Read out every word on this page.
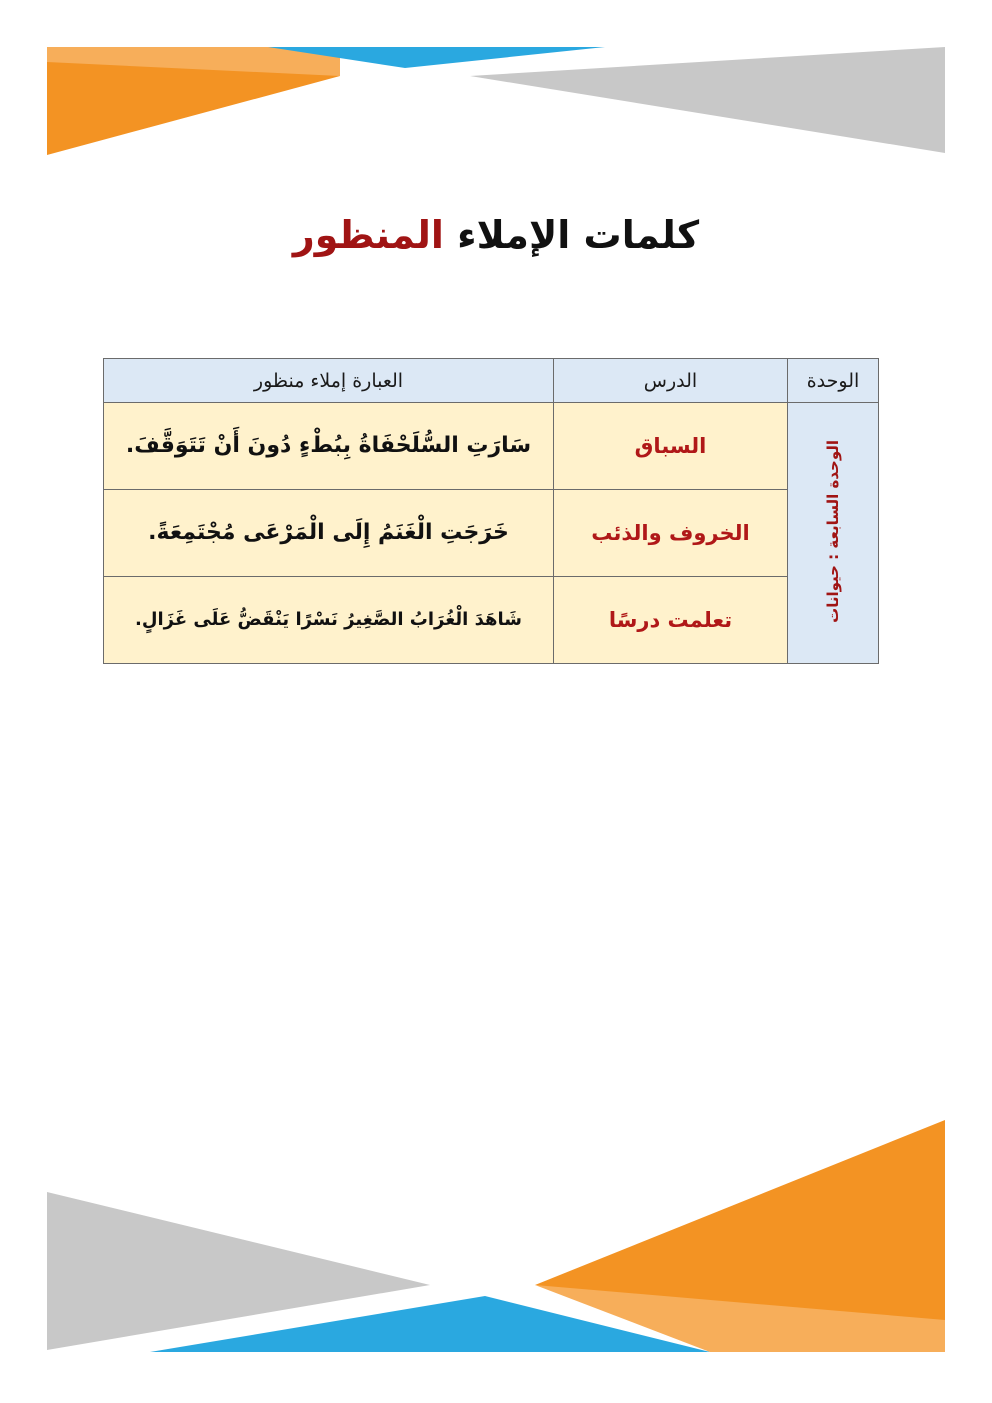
كلمات الإملاء المنظور
الوحدة	الدرس	العبارة إملاء منظور
الوحدة السابعة : حيوانات	السباق	سَارَتِ السُّلَحْفَاةُ بِبُطْءٍ دُونَ أَنْ تَتَوَقَّفَ.
	الخروف والذئب	خَرَجَتِ الْغَنَمُ إِلَى الْمَرْعَى مُجْتَمِعَةً.
	تعلمت درسًا	شَاهَدَ الْغُرَابُ الصَّغِيرُ نَسْرًا يَنْقَضُّ عَلَى غَزَالٍ.
